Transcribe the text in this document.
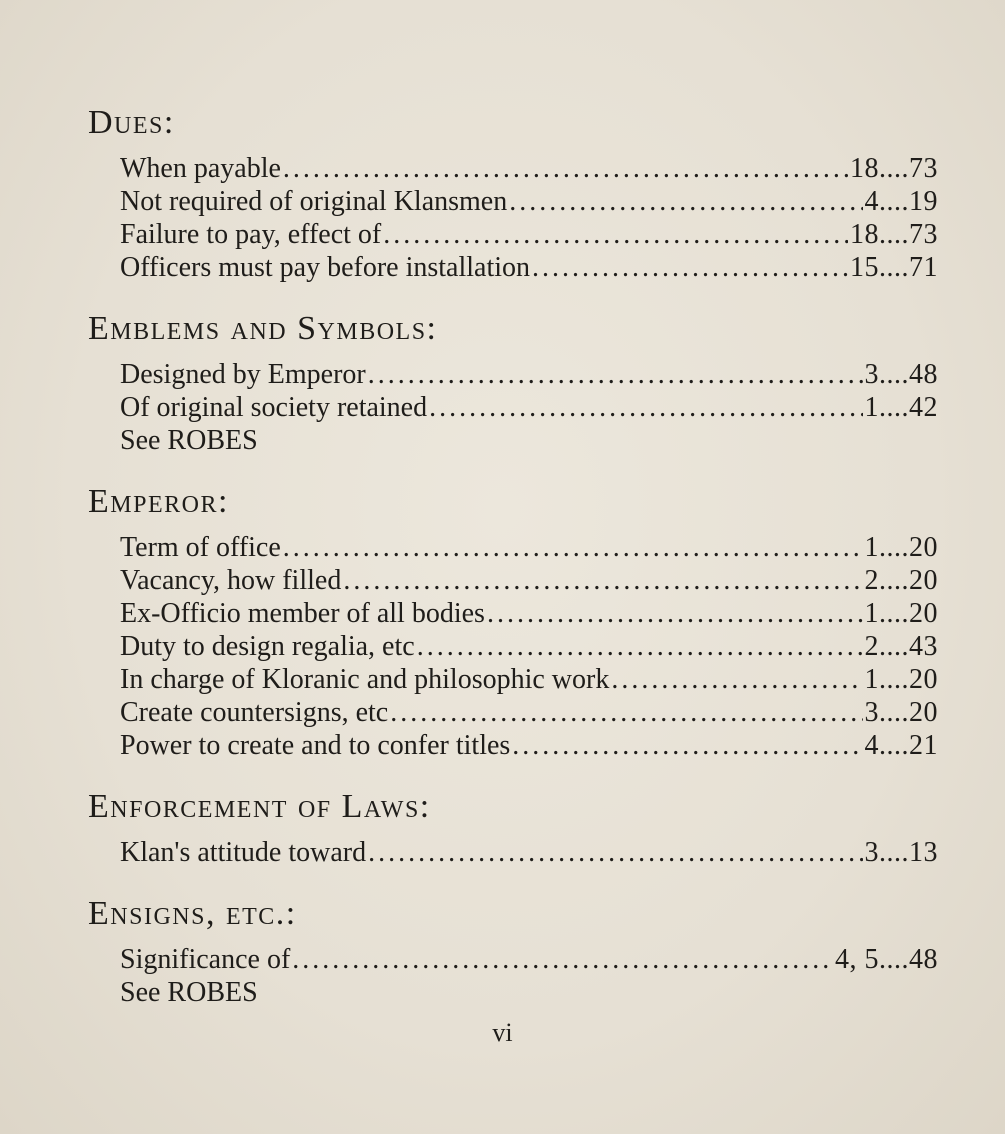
Dues:
When payable . . .	18....73
Not required of original Klansmen . . .	4....19
Failure to pay, effect of . . .	18....73
Officers must pay before installation . . .	15....71
Emblems and Symbols:
Designed by Emperor . . .	3....48
Of original society retained . . .	1....42
See ROBES
Emperor:
Term of office . . .	1....20
Vacancy, how filled . . .	2....20
Ex-Officio member of all bodies . . .	1....20
Duty to design regalia, etc . . .	2....43
In charge of Kloranic and philosophic work . . .	1....20
Create countersigns, etc . . .	3....20
Power to create and to confer titles . . .	4....21
Enforcement of Laws:
Klan's attitude toward . . .	3....13
Ensigns, etc.:
Significance of . . .	4, 5....48
See ROBES
vi
